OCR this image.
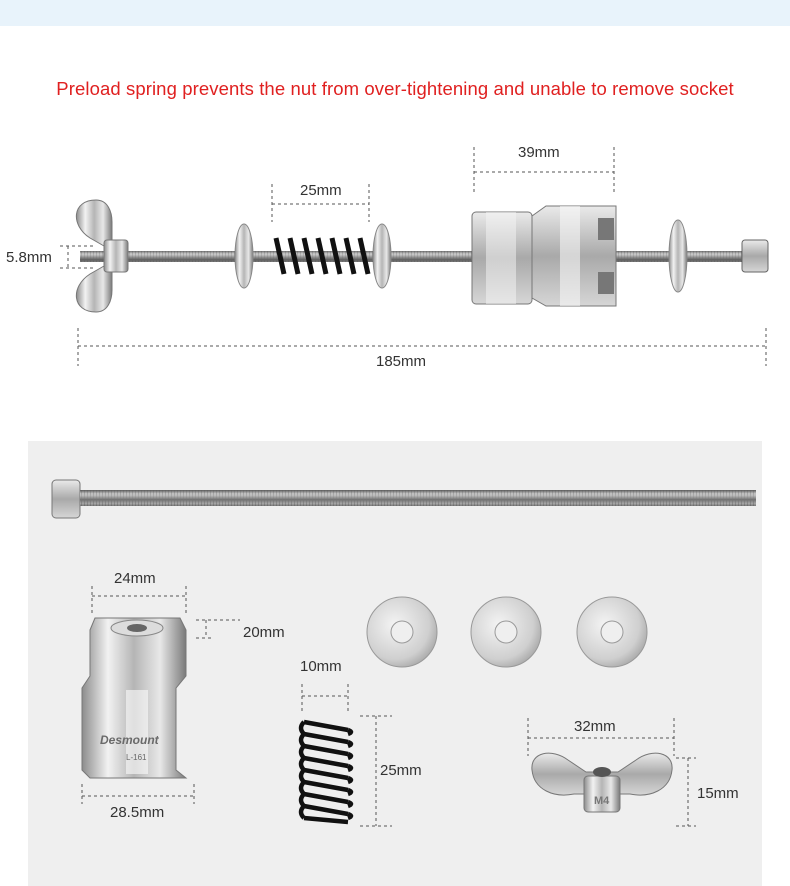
Preload spring prevents the nut from over-tightening and unable to remove socket
39mm
25mm
5.8mm
185mm
Desmount
L-161
M4
24mm
20mm
28.5mm
10mm
25mm
32mm
15mm
